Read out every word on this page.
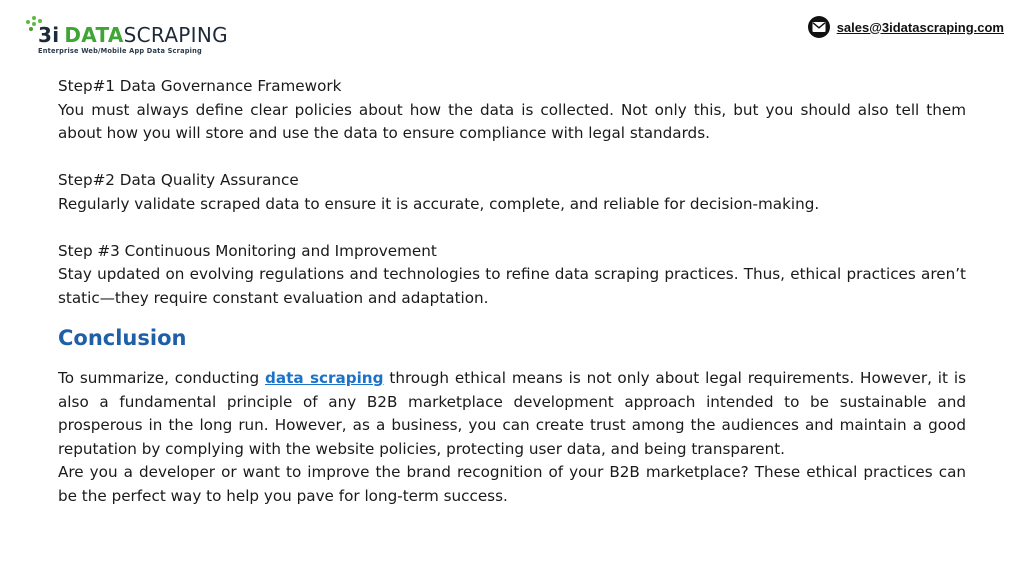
3i DATASCRAPING
Enterprise Web/Mobile App Data Scraping
sales@3idatascraping.com
Step#1 Data Governance Framework

You must always define clear policies about how the data is collected. Not only this, but you should also tell them about how you will store and use the data to ensure compliance with legal standards.

Step#2 Data Quality Assurance

Regularly validate scraped data to ensure it is accurate, complete, and reliable for decision-making.

Step #3 Continuous Monitoring and Improvement

Stay updated on evolving regulations and technologies to refine data scraping practices. Thus, ethical practices aren’t static—they require constant evaluation and adaptation.

Conclusion

To summarize, conducting data scraping through ethical means is not only about legal requirements. However, it is also a fundamental principle of any B2B marketplace development approach intended to be sustainable and prosperous in the long run. However, as a business, you can create trust among the audiences and maintain a good reputation by complying with the website policies, protecting user data, and being transparent.

Are you a developer or want to improve the brand recognition of your B2B marketplace? These ethical practices can be the perfect way to help you pave for long-term success.
